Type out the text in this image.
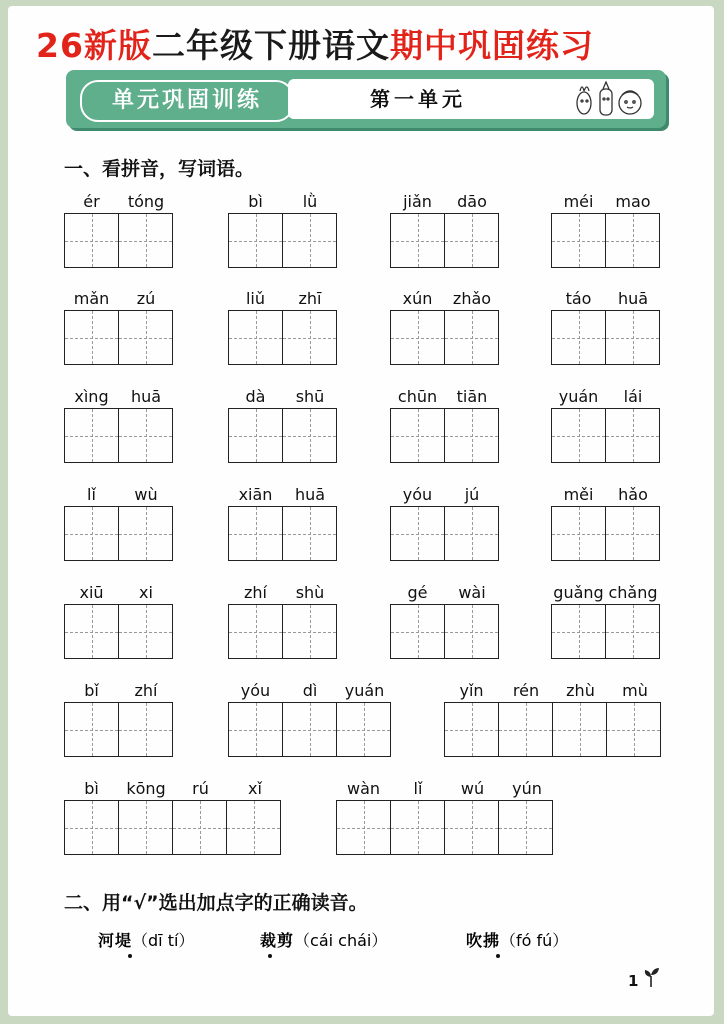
26新版二年级下册语文期中巩固练习
单元巩固训练	第一单元
一、看拼音，写词语。
ér	tóng	bì	lǜ	jiǎn	dāo	méi	mao
mǎn	zú	liǔ	zhī	xún	zhǎo	táo	huā
xìng	huā	dà	shū	chūn	tiān	yuán	lái
lǐ	wù	xiān	huā	yóu	jú	měi	hǎo
xiū	xi	zhí	shù	gé	wài	guǎng chǎng
bǐ	zhí	yóu	dì	yuán	yǐn	rén	zhù	mù
bì	kōng	rú	xǐ	wàn	lǐ	wú	yún
二、用“√”选出加点字的正确读音。
河堤（dī tí）	裁剪（cái chái）	吹拂（fó fú）
1
